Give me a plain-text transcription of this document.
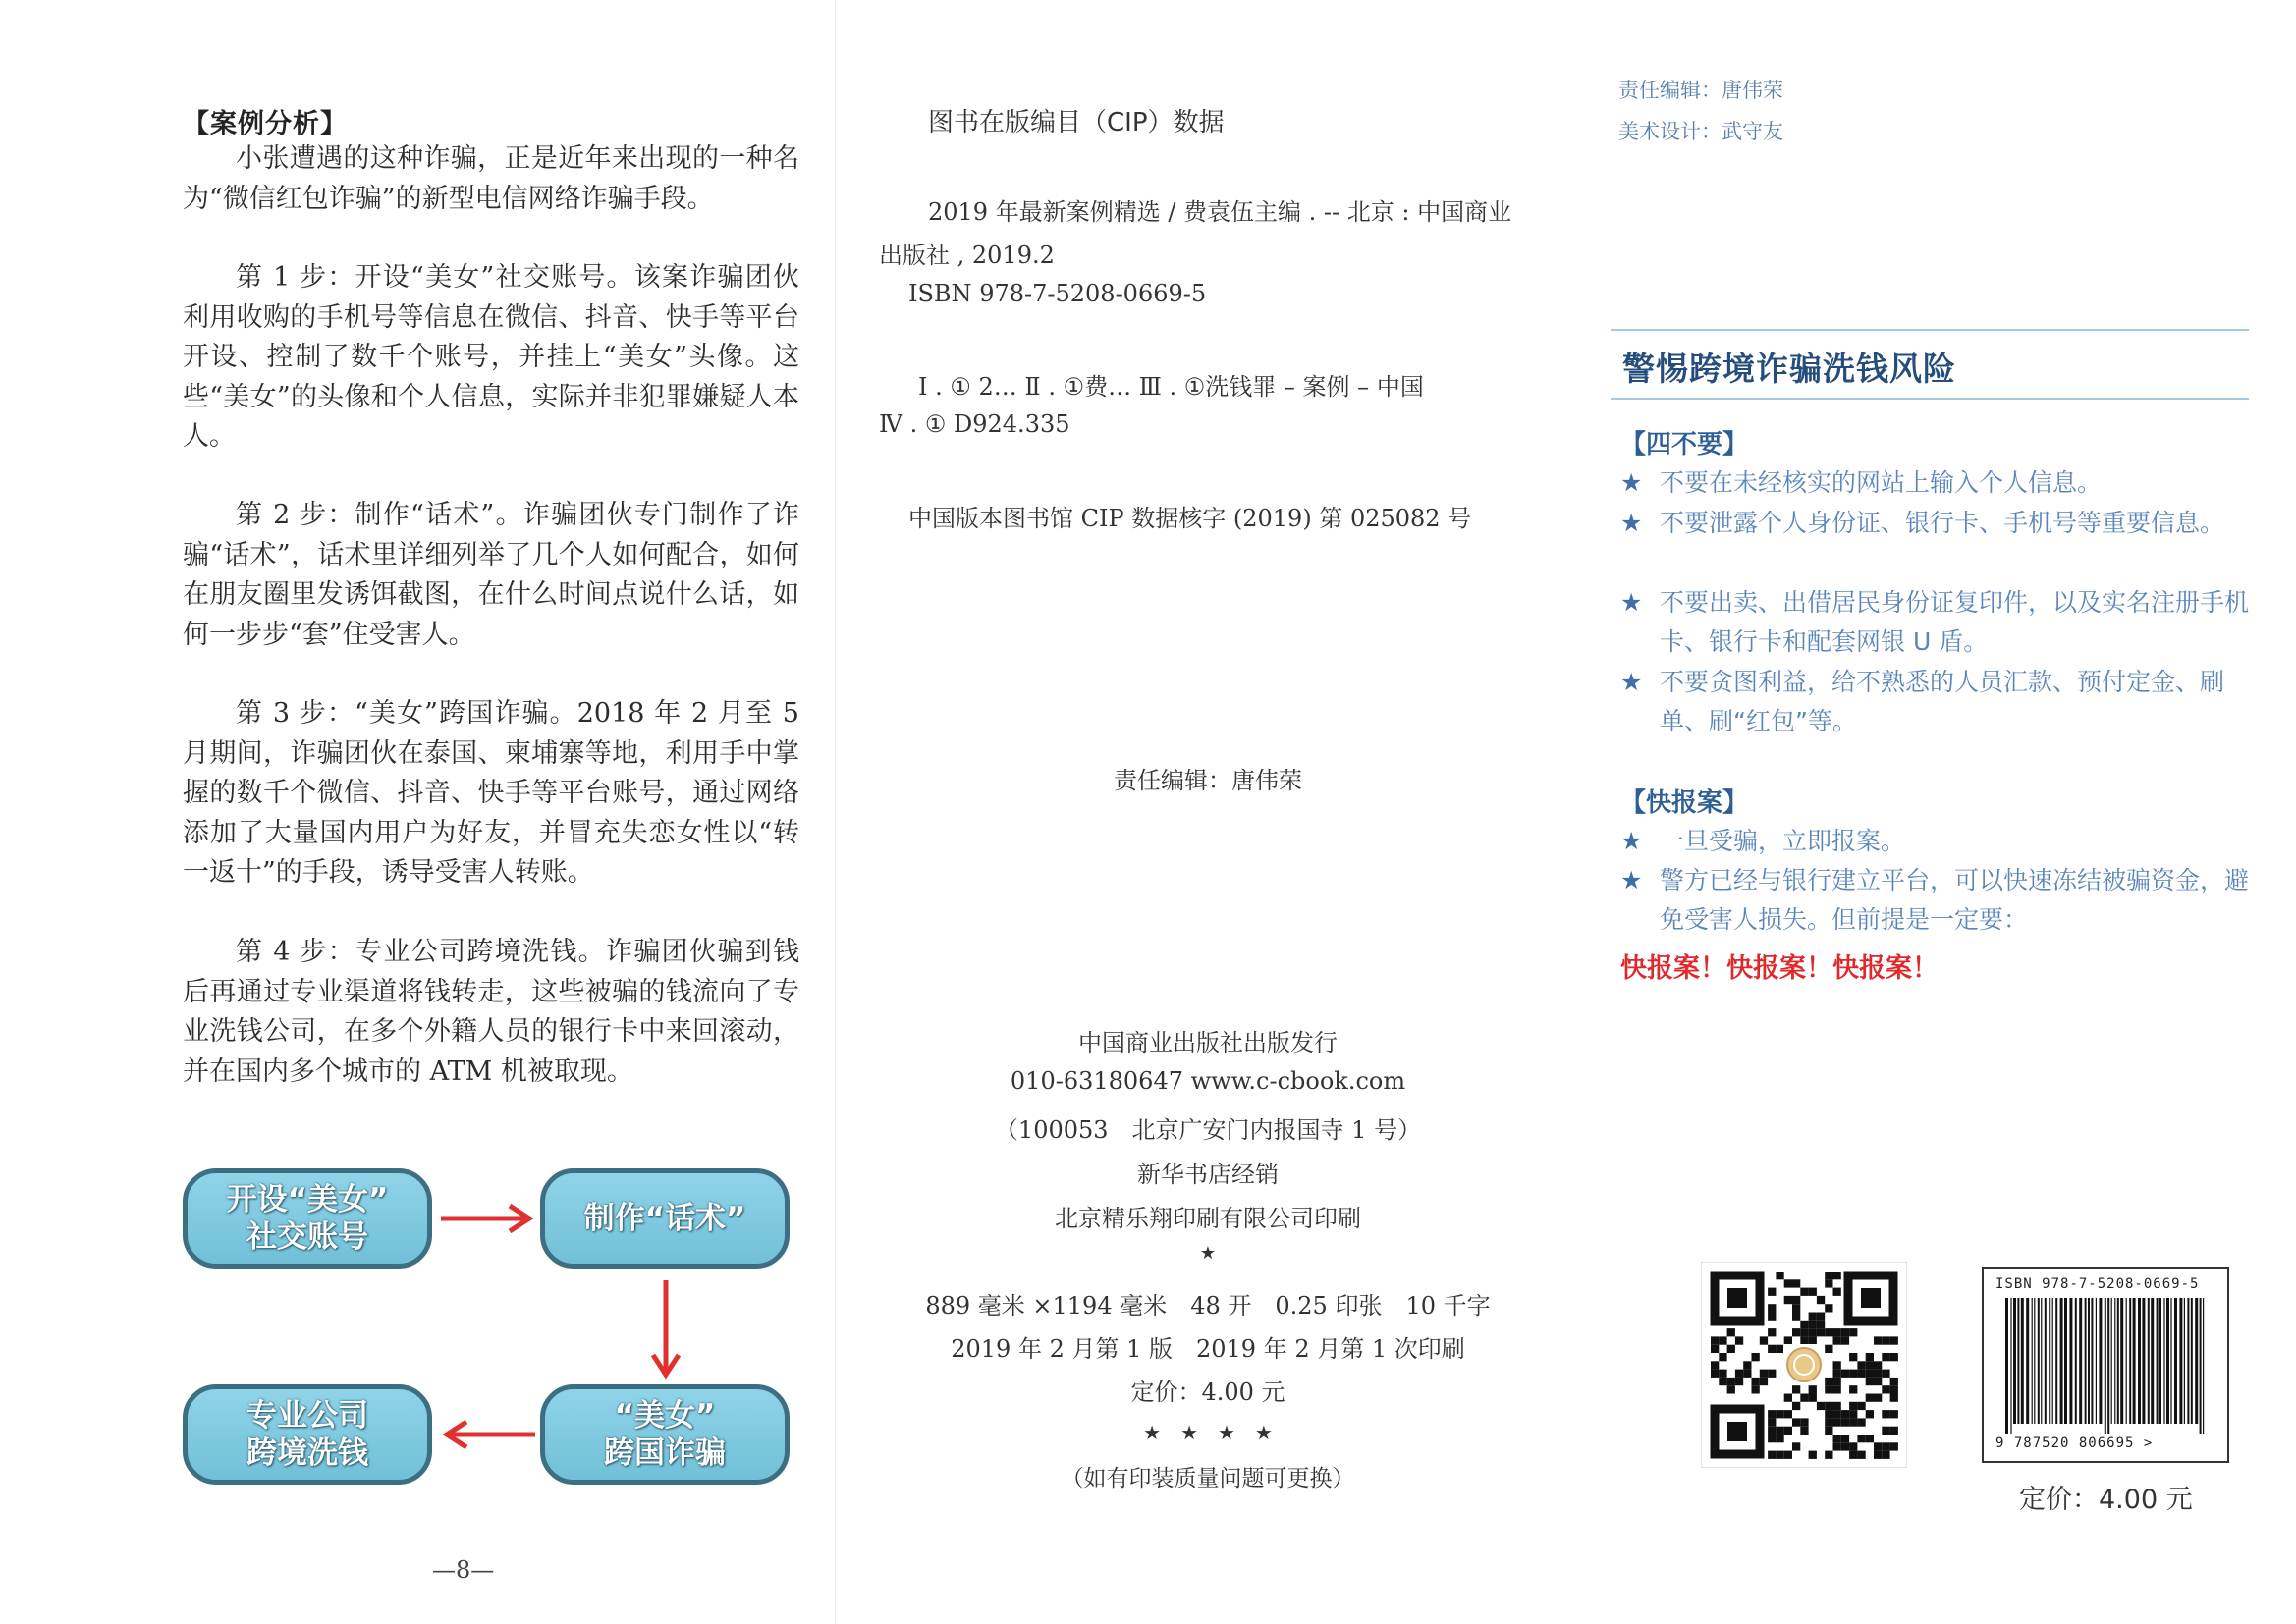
【案例分析】
小张遭遇的这种诈骗，正是近年来出现的一种名为“微信红包诈骗”的新型电信网络诈骗手段。
第 1 步：开设“美女”社交账号。该案诈骗团伙利用收购的手机号等信息在微信、抖音、快手等平台开设、控制了数千个账号，并挂上“美女”头像。这些“美女”的头像和个人信息，实际并非犯罪嫌疑人本人。
第 2 步：制作“话术”。诈骗团伙专门制作了诈骗“话术”，话术里详细列举了几个人如何配合，如何在朋友圈里发诱饵截图，在什么时间点说什么话，如何一步步“套”住受害人。
第 3 步：“美女”跨国诈骗。2018 年 2 月至 5 月期间，诈骗团伙在泰国、柬埔寨等地，利用手中掌握的数千个微信、抖音、快手等平台账号，通过网络添加了大量国内用户为好友，并冒充失恋女性以“转一返十”的手段，诱导受害人转账。
第 4 步：专业公司跨境洗钱。诈骗团伙骗到钱后再通过专业渠道将钱转走，这些被骗的钱流向了专业洗钱公司，在多个外籍人员的银行卡中来回滚动，并在国内多个城市的 ATM 机被取现。
开设“美女”
社交账号
制作“话术”
“美女”
跨国诈骗
专业公司
跨境洗钱
—8—
图书在版编目（CIP）数据
2019 年最新案例精选 / 费袁伍主编 . -- 北京 : 中国商业
出版社 , 2019.2
ISBN 978-7-5208-0669-5
Ⅰ . ① 2… Ⅱ . ①费… Ⅲ . ①洗钱罪 – 案例 – 中国
Ⅳ . ① D924.335
中国版本图书馆 CIP 数据核字 (2019) 第 025082 号
责任编辑：唐伟荣
中国商业出版社出版发行
010-63180647 www.c-cbook.com
（100053　北京广安门内报国寺 1 号）
新华书店经销
北京精乐翔印刷有限公司印刷
★
889 毫米 ×1194 毫米　48 开　0.25 印张　10 千字
2019 年 2 月第 1 版　2019 年 2 月第 1 次印刷
定价：4.00 元
★　★　★　★
（如有印装质量问题可更换）
责任编辑：唐伟荣
美术设计：武守友
警惕跨境诈骗洗钱风险
【四不要】
★ 不要在未经核实的网站上输入个人信息。
★ 不要泄露个人身份证、银行卡、手机号等重要信息。
★ 不要出卖、出借居民身份证复印件，以及实名注册手机卡、银行卡和配套网银 U 盾。
★ 不要贪图利益，给不熟悉的人员汇款、预付定金、刷单、刷“红包”等。
【快报案】
★ 一旦受骗，立即报案。
★ 警方已经与银行建立平台，可以快速冻结被骗资金，避免受害人损失。但前提是一定要：
快报案！快报案！快报案！
ISBN 978-7-5208-0669-5
9 787520 806695 >
定价：4.00 元
